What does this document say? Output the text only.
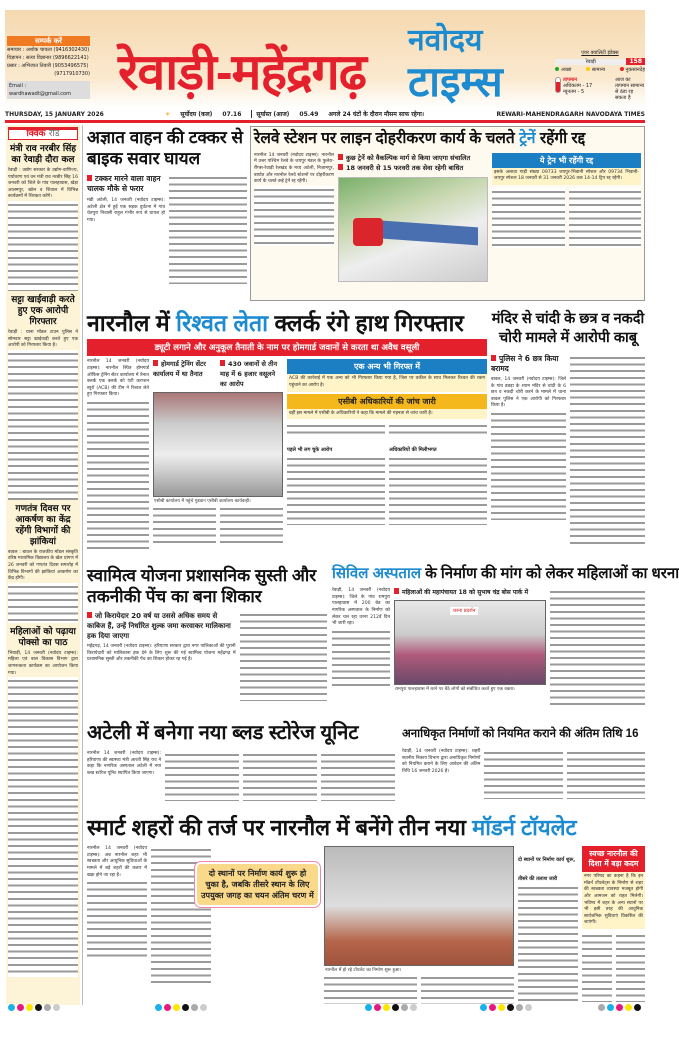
सम्पर्क करें
समाचार : अशोक चावला (9416302430)
विज्ञापन : सत्या विज्ञानार (9896622141)
प्रसार : अभिजात तिवारी (9053496575)
(9717910730)
Email : wardhawadt@gmail.com रेवाड़ी-महेंद्रगढ़
नवोदय
टाइम्स
एयर क्वालिटी इंडेक्स
रेवाड़ी	158
अच्छा	सामान्य	नुकसानदेह
तापमान
अधिकतम - 17
न्यूनतम - 5
आज का तापमान सामान्य से ठंडा रह सकता है
THURSDAY, 15 JANUARY 2026	☀ सूर्योदय (कल) 07.16	सूर्यास्त (आज) 05.49 अगले 24 घंटों के दौरान मौसम साफ रहेगा।	REWARI-MAHENDRAGARH NAVODAYA TIMES
क्विक रीड
मंत्री राव नरबीर सिंह का रेवाड़ी दौरा कल

रेवाड़ी : उद्योग सरकार के उद्योग-वाणिज्य, पर्यावरण एवं वन मंत्री राव नरबीर सिंह 16 जनवरी को जिले के गांव पालहावास, खेड़ा आलमपुर, खोल व शिवाल में विभिन्न कार्यक्रमों में शिरकत करेंगे।

सट्टा खाईवाड़ी करते हुए एक आरोपी गिरफ्तार

रेवाड़ी : थाना मॉडल टाउन पुलिस ने सोमवार सट्टा खाईवाड़ी करते हुए एक आरोपी को गिरफ्तार किया है।

गणतंत्र दिवस पर आकर्षण का केंद्र रहेंगी विभागों की झांकियां

बावल : बावल के राजकीय मॉडल संस्कृति वरिष्ठ माध्यमिक विद्यालय के खेल प्रांगण में 26 जनवरी को गणतंत्र दिवस समारोह में विभिन्न विभागों की झांकियां आकर्षण का केंद्र होंगी।

महिलाओं को पढ़ाया पोक्सो का पाठ

भिवाड़ी, 14 जनवरी (नवोदय टाइम्स): महिला एवं बाल विकास विभाग द्वारा जागरूकता कार्यक्रम का आयोजन किया गया।

अज्ञात वाहन की टक्कर से बाइक सवार घायल
टक्कर मारने वाला वाहन चालक मौके से फरार

मंडी अटेली, 14 जनवरी (नवोदय टाइम्स): अटेली क्षेत्र में हुई एक सड़क दुर्घटना में गांव चेतपुरा निवासी राहुल गंभीर रूप से घायल हो गया।

रेलवे स्टेशन पर लाइन दोहरीकरण कार्य के चलते ट्रेनें रहेंगी रद्द

नारनौल 14 जनवरी (नवोदय टाइम्स): नारनौल में उत्तर पश्चिम रेलवे के जयपुर मंडल के फुलेरा-रींगस-रेवाड़ी रेलखंड के मध्य अटेली, निजामपुर, बाघोत और नारनौल रेलवे स्टेशनों पर दोहरीकरण कार्य के चलते कई ट्रेनें रद्द रहेंगी।

कुछ ट्रेनें को वैकल्पिक मार्ग से किया जाएगा संचालित
18 जनवरी से 15 फरवरी तक सेवा रहेगी बाधित
ये ट्रेन भी रहेंगी रद्द

इसके अलावा गाड़ी संख्या 09733 जयपुर-भिवानी स्पेशल और 09734 भिवानी-जयपुर स्पेशल 18 जनवरी से 31 जनवरी 2026 तक 14-14 ट्रिप रद्द रहेंगी।

नारनौल में रिश्वत लेता क्लर्क रंगे हाथ गिरफ्तार
ड्यूटी लगाने और अनुकूल तैनाती के नाम पर होमगार्ड जवानों से करता था अवैध वसूली

नारनौल 14 जनवरी (नवोदय टाइम्स): नारनौल स्थित होमगार्ड ऑफिस ट्रेनिंग सेंटर कार्यालय में तैनात क्लर्क एक क्लर्क को एंटी करप्शन ब्यूरो (ACB) की टीम ने रिश्वत लेते हुए गिरफ्तार किया।

होमगार्ड ट्रेनिंग सेंटर कार्यालय में था तैनात
430 जवानों से तीन माह में 6 हजार वसूलने का आरोप
एसीबी कार्यालय में पहुंचे गुडवान एसीबी कार्यालय कार्यवाही।
एक अन्य भी गिरफ्त में

ACB की कार्रवाई में एक अन्य को भी गिरफ्तार किया गया है, जिस पर वकील के साथ मिलकर रिश्वत की रकम पहुंचाने का आरोप है।

एसीबी अधिकारियों की जांच जारी

वहीं इस मामले में एसीबी के अधिकारियों ने कहा कि मामले की गहनता से जांच जारी है।

पहले भी लग चुके आरोप	अधिकारियों की मिलीभगत
मंदिर से चांदी के छत्र व नकदी चोरी मामले में आरोपी काबू
पुलिस ने 6 छत्र किया बरामद

बावल, 14 जनवरी (नवोदय टाइम्स): जिले के गांव डबड़ा के श्याम मंदिर से चांदी के 6 छत्र व नकदी चोरी करने के मामले में थाना बावल पुलिस ने एक आरोपी को गिरफ्तार किया है।

स्वामित्व योजना प्रशासनिक सुस्ती और तकनीकी पेंच का बना शिकार
जो किरायेदार 20 वर्ष या उससे अधिक समय से काबिज हैं, उन्हें निर्धारित शुल्क जमा करवाकर मालिकाना हक दिया जाएगा

महेंद्रगढ़, 14 जनवरी (नवोदय टाइम्स): हरियाणा सरकार द्वारा नगर पालिकाओं की पुरानी किरायेदारी को मालिकाना हक देने के लिए शुरू की गई स्वामित्व योजना महेंद्रगढ़ में प्रशासनिक सुस्ती और तकनीकी पेंच का शिकार होकर रह गई है।

सिविल अस्पताल के निर्माण की मांग को लेकर महिलाओं का धरना

रेवाड़ी, 14 जनवरी (नवोदय टाइम्स): जिले के गांव रामपुरा पालहावास में 200 बेड का नागरिक अस्पताल के निर्माण को लेकर चल रहा धरना 212वें दिन भी जारी रहा।

महिलाओं की महापंचायत 18 को सुभाष चंद्र बोस पार्क में
धरना प्रदर्शन
रामपुरा पालहावास में धरने पर बैठे लोगों को संबोधित करते हुए एक वक्ता।
अटेली में बनेगा नया ब्लड स्टोरेज यूनिट

नारनौल 14 जनवरी (नवोदय टाइम्स): हरियाणा की स्वास्थ्य मंत्री आरती सिंह राव ने कहा कि नागरिक अस्पताल अटेली में नया ब्लड स्टोरेज यूनिट स्थापित किया जाएगा।

अनाधिकृत निर्माणों को नियमित कराने की अंतिम तिथि 16

रेवाड़ी, 14 जनवरी (नवोदय टाइम्स): शहरी स्थानीय निकाय विभाग द्वारा अनाधिकृत निर्माणों को नियमित कराने के लिए आवेदन की अंतिम तिथि 16 जनवरी 2026 है।

स्मार्ट शहरों की तर्ज पर नारनौल में बनेंगे तीन नया मॉडर्न टॉयलेट

नारनौल 14 जनवरी (नवोदय टाइम्स): अब नारनौल शहर भी स्वच्छता और आधुनिक सुविधाओं के मामले में बड़े शहरों की कतार में खड़ा होने जा रहा है।	दो स्थानों पर निर्माण कार्य शुरू हो चुका है, जबकि तीसरे स्थान के लिए उपयुक्त जगह का चयन अंतिम चरण में
नारनौल में हो रहे टॉयलेट का निर्माण शुरू हुआ।
दो स्थानों पर निर्माण कार्य शुरू, तीसरे की तलाश जारी
स्वच्छ नारनौल की दिशा में बड़ा कदम

नगर परिषद का कहना है कि इन मॉडर्न टॉयलेट्स के निर्माण से शहर की स्वच्छता व्यवस्था मजबूत होगी और आमजन को राहत मिलेगी। भविष्य में शहर के अन्य स्थानों पर भी इसी तरह की आधुनिक सार्वजनिक सुविधाएं विकसित की जाएंगी।
